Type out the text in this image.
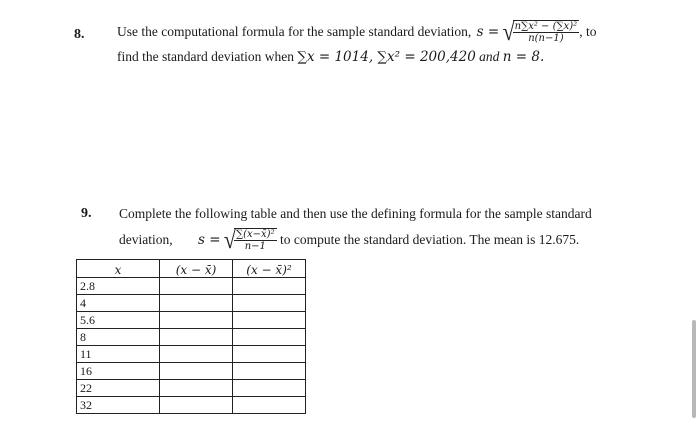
8. Use the computational formula for the sample standard deviation, s = √
$\frac{\text{n∑x² − (∑x)²}}{n(n-1)}$ , to
find the standard deviation when ∑x = 1014, ∑x² = 200,420 and n = 8.
9. Complete the following table and then use the defining formula for the sample standard
deviation, s = √
$\frac{\text{∑(x−x̄)²}}{n-1}$ to compute the standard deviation. The mean is 12.675.
x	(x − x̄)	(x − x̄)²
2.8		
4		
5.6		
8		
11		
16		
22		
32		
